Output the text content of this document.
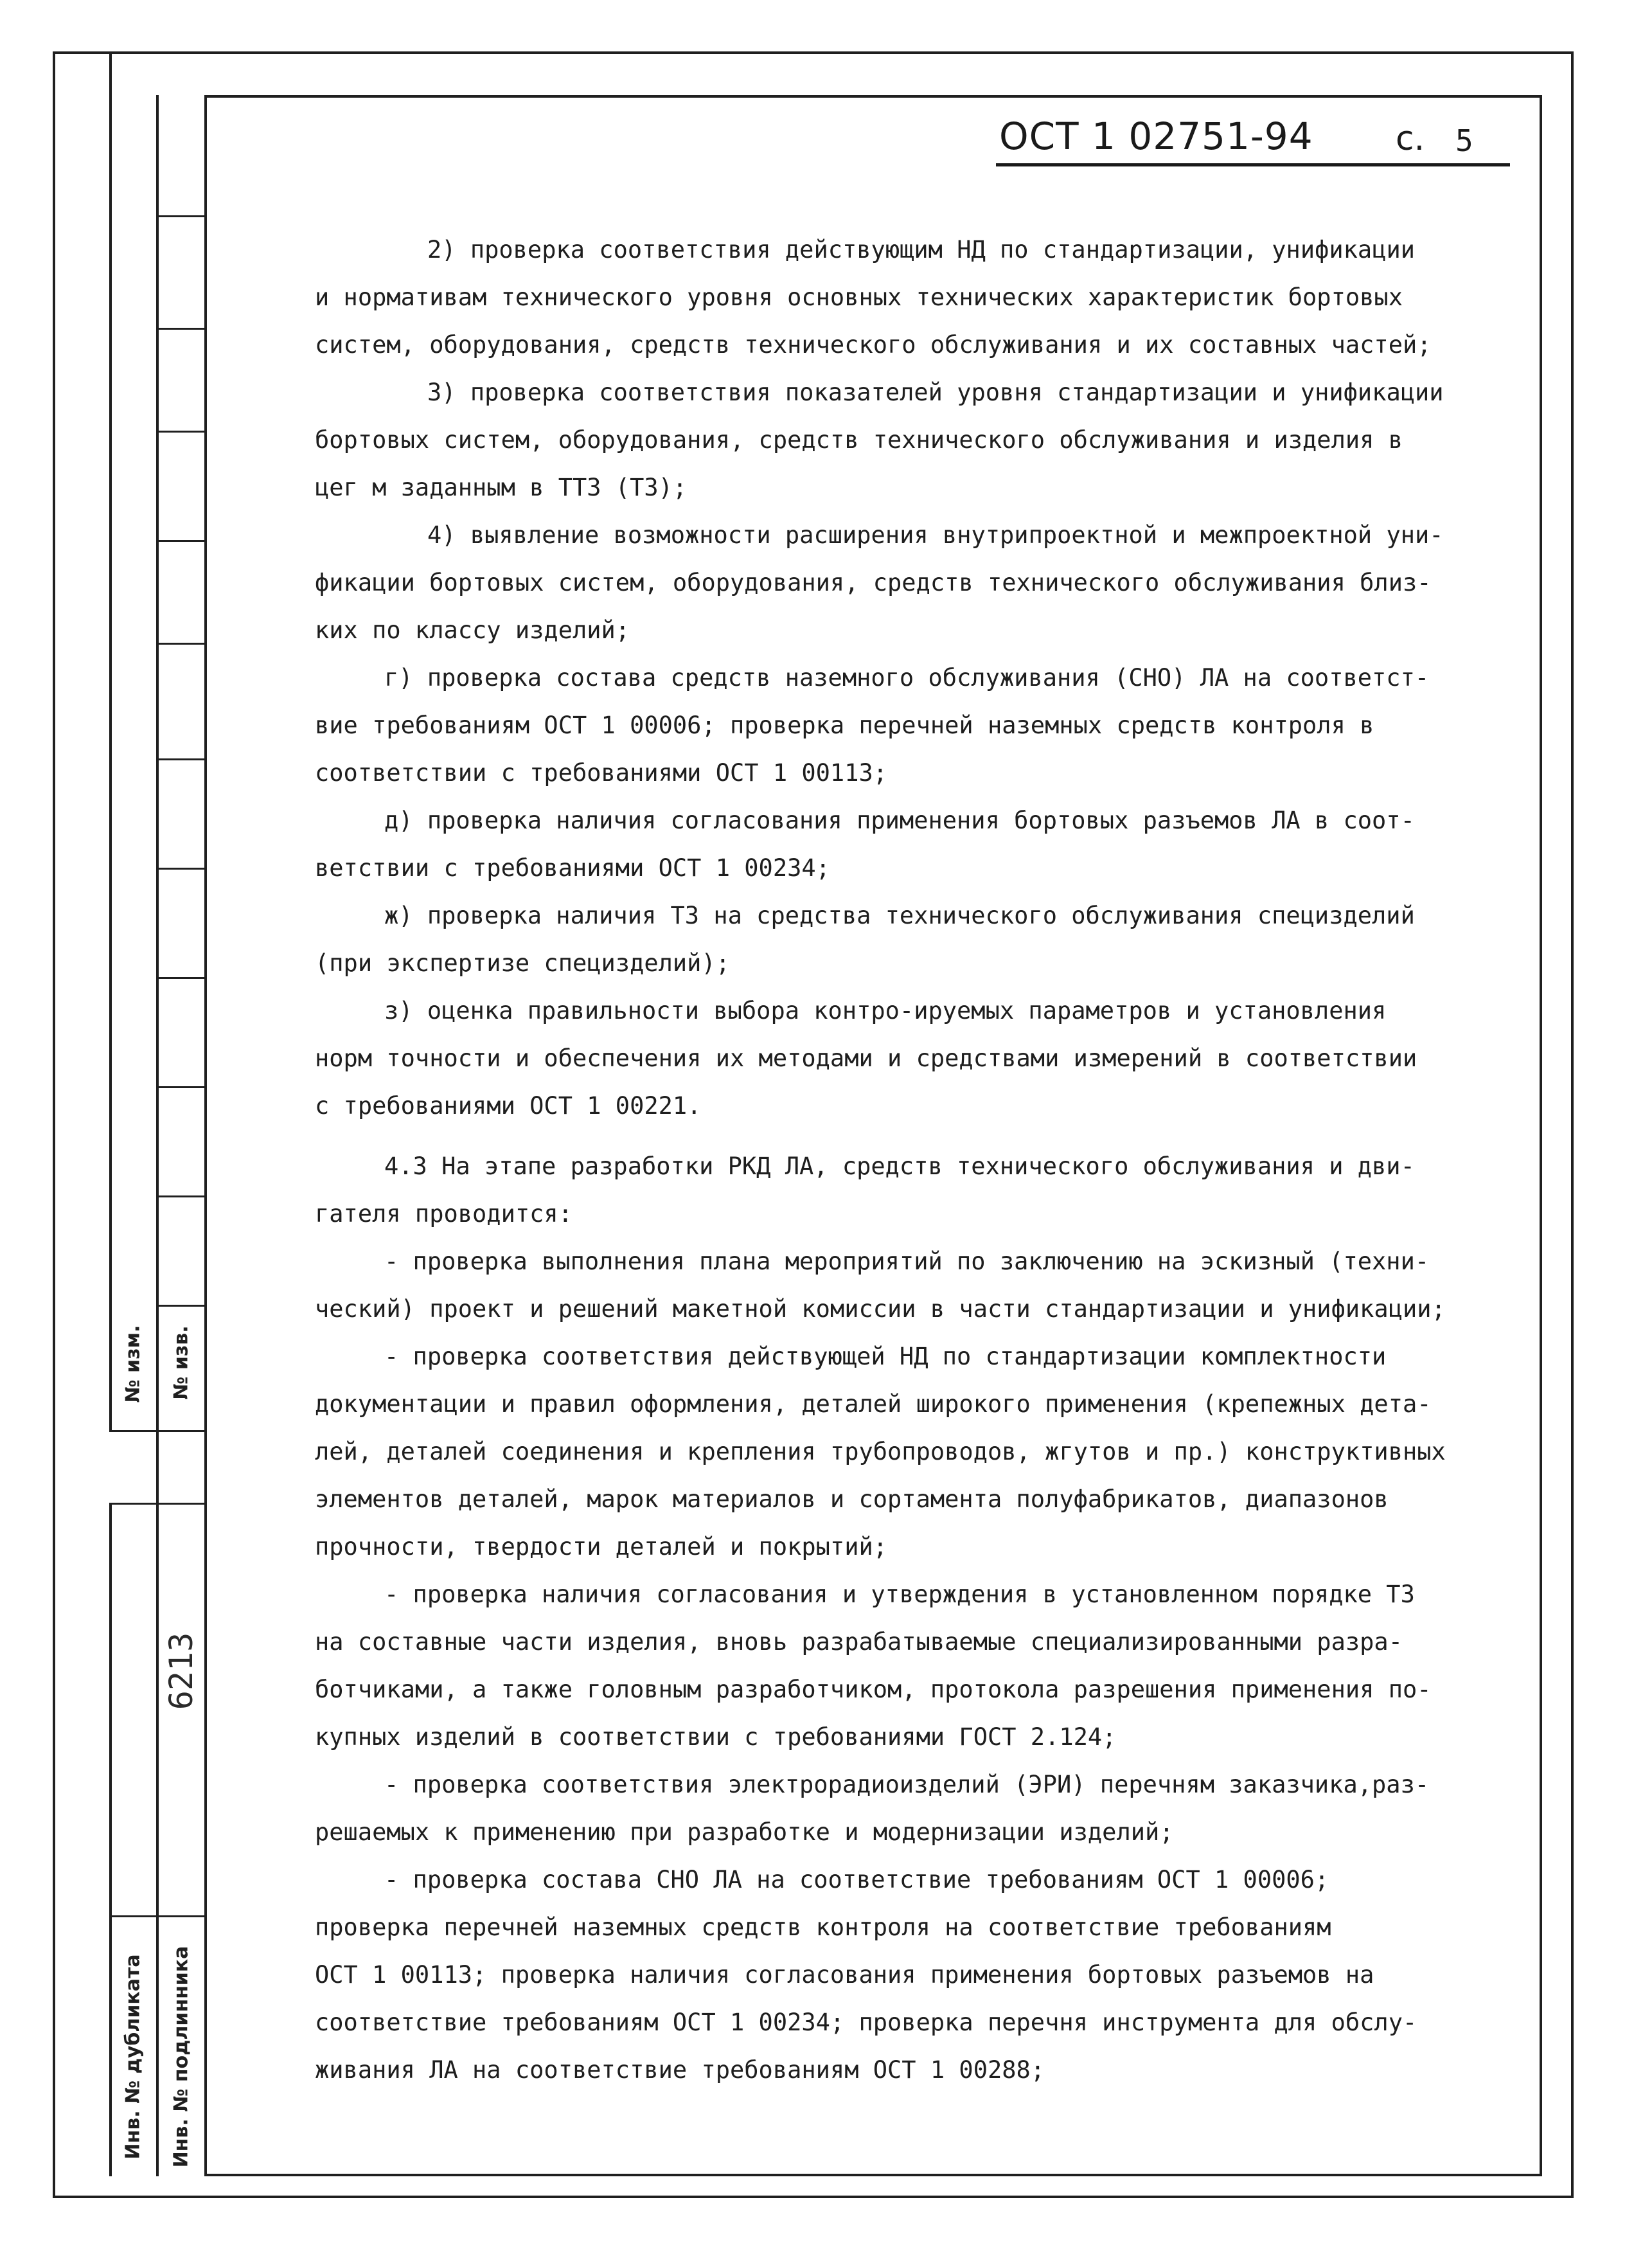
№ изм. № изв.
6213
Инв. № дубликата Инв. № подлинника
ОСТ 1 02751-94 с. 5
2) проверка соответствия действующим НД по стандартизации, унификации
и нормативам технического уровня основных технических характеристик бортовых
систем, оборудования, средств технического обслуживания и их составных частей;
3) проверка соответствия показателей уровня стандартизации и унификации
бортовых систем, оборудования, средств технического обслуживания и изделия в
цег м заданным в ТТЗ (ТЗ);
4) выявление возможности расширения внутрипроектной и межпроектной уни-
фикации бортовых систем, оборудования, средств технического обслуживания близ-
ких по классу изделий;
г) проверка состава средств наземного обслуживания (СНО) ЛА на соответст-
вие требованиям ОСТ 1 00006; проверка перечней наземных средств контроля в
соответствии с требованиями ОСТ 1 00113;
д) проверка наличия согласования применения бортовых разъемов ЛА в соот-
ветствии с требованиями ОСТ 1 00234;
ж) проверка наличия ТЗ на средства технического обслуживания специзделий
(при экспертизе специзделий);
з) оценка правильности выбора контро-ируемых параметров и установления
норм точности и обеспечения их методами и средствами измерений в соответствии
с требованиями ОСТ 1 00221.
4.3 На этапе разработки РКД ЛА, средств технического обслуживания и дви-
гателя проводится:
- проверка выполнения плана мероприятий по заключению на эскизный (техни-
ческий) проект и решений макетной комиссии в части стандартизации и унификации;
- проверка соответствия действующей НД по стандартизации комплектности
документации и правил оформления, деталей широкого применения (крепежных дета-
лей, деталей соединения и крепления трубопроводов, жгутов и пр.) конструктивных
элементов деталей, марок материалов и сортамента полуфабрикатов, диапазонов
прочности, твердости деталей и покрытий;
- проверка наличия согласования и утверждения в установленном порядке ТЗ
на составные части изделия, вновь разрабатываемые специализированными разра-
ботчиками, а также головным разработчиком, протокола разрешения применения по-
купных изделий в соответствии с требованиями ГОСТ 2.124;
- проверка соответствия электрорадиоизделий (ЭРИ) перечням заказчика,раз-
решаемых к применению при разработке и модернизации изделий;
- проверка состава СНО ЛА на соответствие требованиям ОСТ 1 00006;
проверка перечней наземных средств контроля на соответствие требованиям
ОСТ 1 00113; проверка наличия согласования применения бортовых разъемов на
соответствие требованиям ОСТ 1 00234; проверка перечня инструмента для обслу-
живания ЛА на соответствие требованиям ОСТ 1 00288;
